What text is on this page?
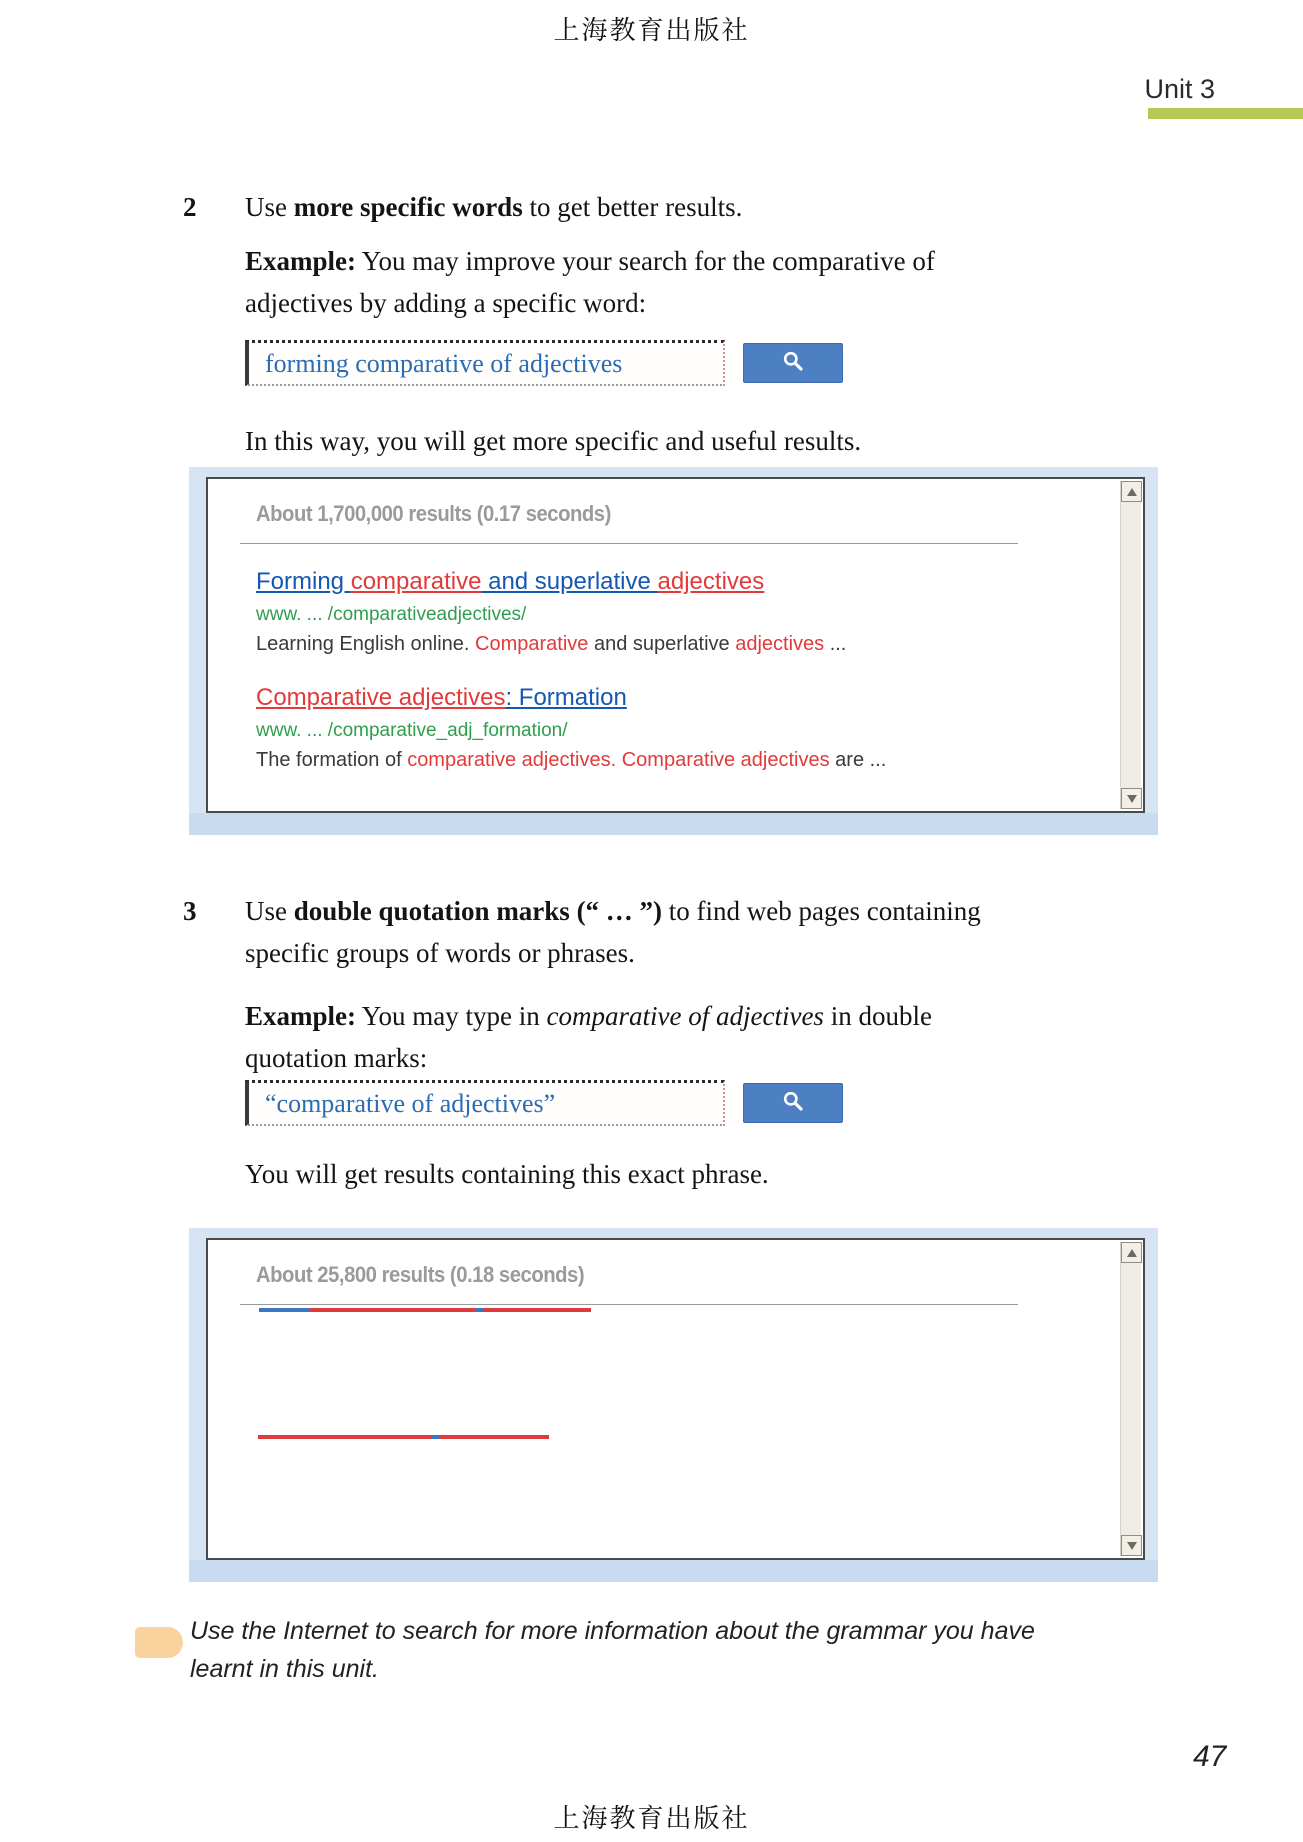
上海教育出版社
上海教育出版社
Unit 3
2	Use more specific words to get better results.
Example: You may improve your search for the comparative of
adjectives by adding a specific word:
forming comparative of adjectives
In this way, you will get more specific and useful results.
About 1,700,000 results (0.17 seconds)
Forming comparative and superlative adjectives
www. ... /comparativeadjectives/
Learning English online. Comparative and superlative adjectives ...
Comparative adjectives: Formation
www. ... /comparative_adj_formation/
The formation of comparative adjectives. Comparative adjectives are ...
3	Use double quotation marks (“ … ”) to find web pages containing
specific groups of words or phrases.
Example: You may type in comparative of adjectives in double
quotation marks:
“comparative of adjectives”
You will get results containing this exact phrase.
About 25,800 results (0.18 seconds)
Use the Internet to search for more information about the grammar you have
learnt in this unit.
47
